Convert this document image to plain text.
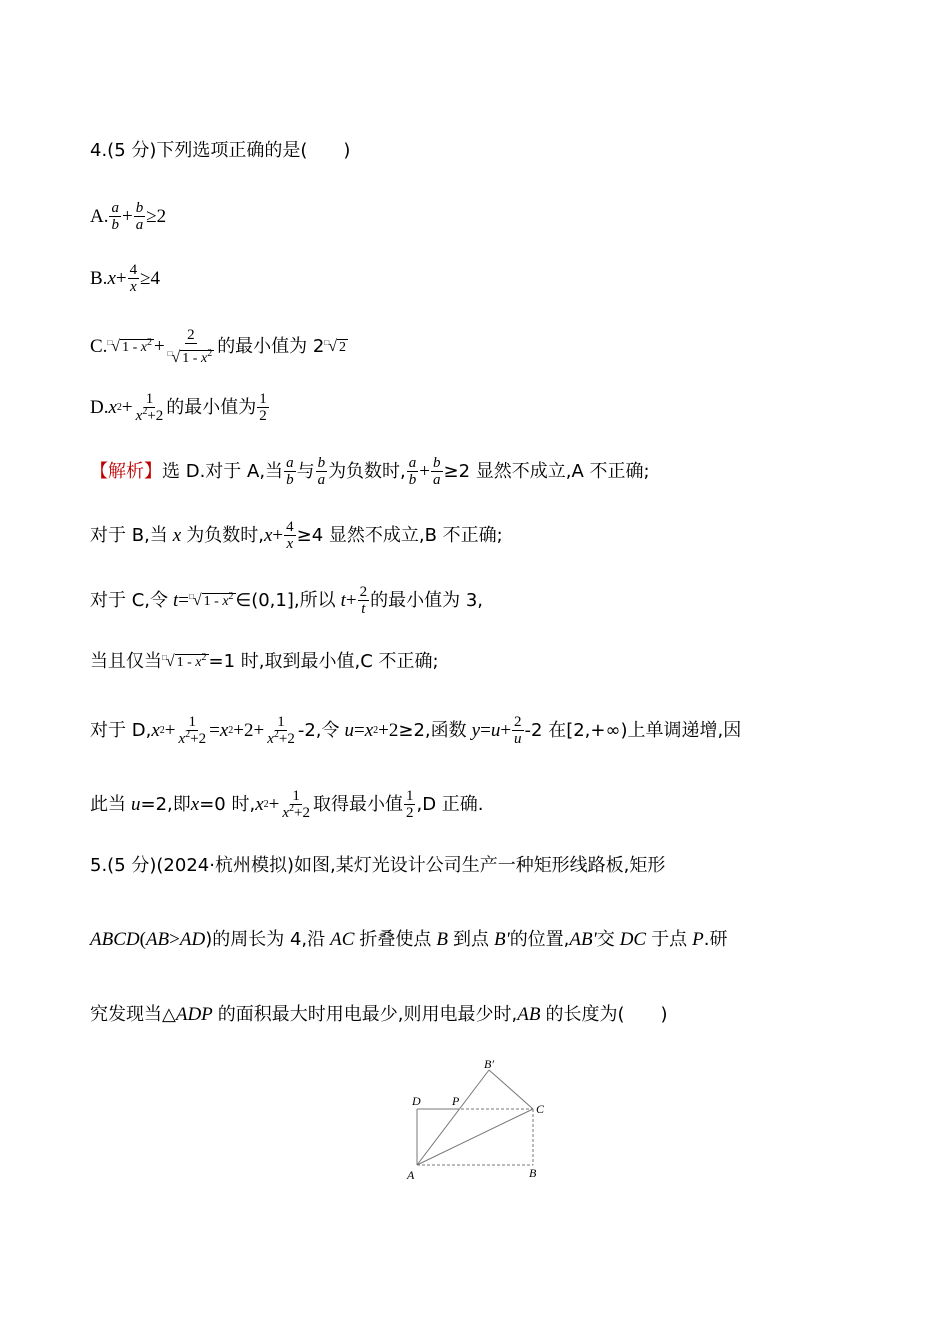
4.(5 分)下列选项正确的是(　　)
A. $\frac{a}{b} + \frac{b}{a} \ge 2$
B. $x + \frac{4}{x} \ge 4$
C. □ √ $1 - x^2 + \frac{2}{□ √ 1 - x^2}$ 的最小值为 2 □ √ 2
D. x $2 + \frac{1}{x^2+2}$ 的最小值为 $\frac{1}{2}$
【解析】 选 D.对于 A,当 $\frac{a}{b}$ 与 $\frac{b}{a}$ 为负数时, $\frac{a}{b} + \frac{b}{a} \ge 2$ 显然不成立,A 不正确;
对于 B,当 x 为负数时, $x + \frac{4}{x} \ge 4$ 显然不成立,B 不正确;
对于 C,令 t = □ √ $1 - x^2$ ∈(0,1],所以 $t + \frac{2}{t}$ 的最小值为 3,
当且仅当 □ √ $1 - x^2 =1$ 时,取到最小值,C 不正确;
对于 D, x $2 + \frac{1}{x^2+2} = x$ $2 +2+ \frac{1}{x^2+2} -2$,令 u = x 2 +2 ≥2,函数 $y = u + \frac{2}{u} -2$ 在[2,+∞)上单调递增,因
此当 u =2,即 x =0 时, x $2 + \frac{1}{x^2+2}$ 取得最小值 $\frac{1}{2} ,D$ 正确.
5.(5 分)(2024·杭州模拟)如图,某灯光设计公司生产一种矩形线路板,矩形
ABCD ( AB > AD )的周长为 4,沿 AC 折叠使点 B 到点 B' 的位置, AB' 交 DC 于点 P .研
究发现当△ ADP 的面积最大时用电最少,则用电最少时, AB 的长度为(　　)
A	B
C
D	P
B′
